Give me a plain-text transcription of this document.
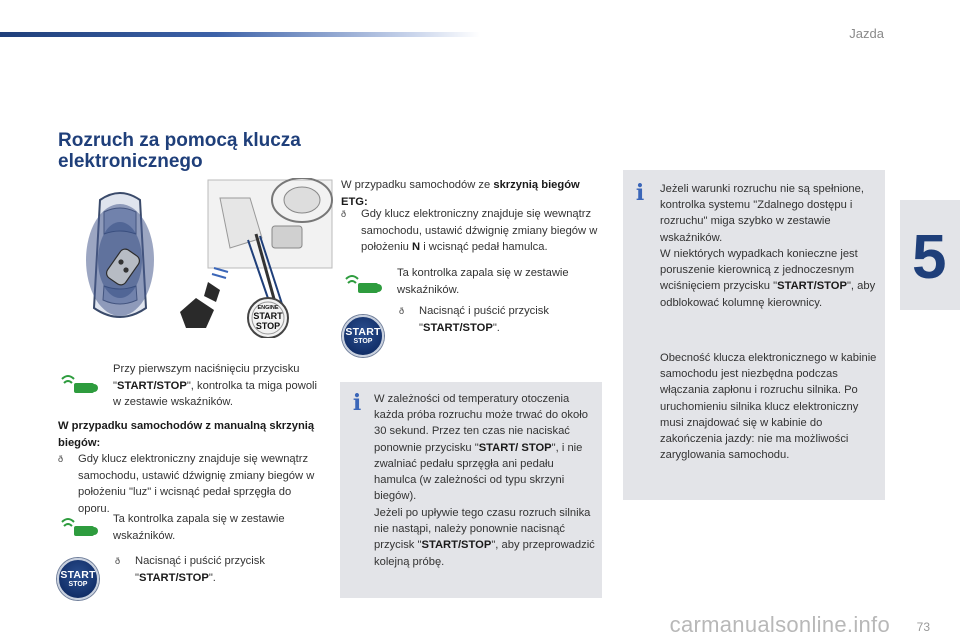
Jazda
5
Rozruch za pomocą klucza elektronicznego
ENGINE
START
STOP
Przy pierwszym naciśnięciu przycisku "START/STOP", kontrolka ta miga powoli w zestawie wskaźników.
W przypadku samochodów z manualną skrzynią biegów:
ð Gdy klucz elektroniczny znajduje się wewnątrz samochodu, ustawić dźwignię zmiany biegów w położeniu "luz" i wcisnąć pedał sprzęgła do oporu.
Ta kontrolka zapala się w zestawie wskaźników.
START
STOP
ð Nacisnąć i puścić przycisk "START/STOP".
W przypadku samochodów ze skrzynią biegów ETG:
ð Gdy klucz elektroniczny znajduje się wewnątrz samochodu, ustawić dźwignię zmiany biegów w położeniu N i wcisnąć pedał hamulca.
Ta kontrolka zapala się w zestawie wskaźników.
START
STOP
ð Nacisnąć i puścić przycisk "START/STOP".
i W zależności od temperatury otoczenia każda próba rozruchu może trwać do około 30 sekund. Przez ten czas nie naciskać ponownie przycisku "START/ STOP", i nie zwalniać pedału sprzęgła ani pedału hamulca (w zależności od typu skrzyni biegów).
Jeżeli po upływie tego czasu rozruch silnika nie nastąpi, należy ponownie nacisnąć przycisk "START/STOP", aby przeprowadzić kolejną próbę.
i Jeżeli warunki rozruchu nie są spełnione, kontrolka systemu "Zdalnego dostępu i rozruchu" miga szybko w zestawie wskaźników.
W niektórych wypadkach konieczne jest poruszenie kierownicą z jednoczesnym wciśnięciem przycisku "START/STOP", aby odblokować kolumnę kierownicy.
Obecność klucza elektronicznego w kabinie samochodu jest niezbędna podczas włączania zapłonu i rozruchu silnika. Po uruchomieniu silnika klucz elektroniczny musi znajdować się w kabinie do zakończenia jazdy: nie ma możliwości zaryglowania samochodu.
carmanualsonline.info 73
